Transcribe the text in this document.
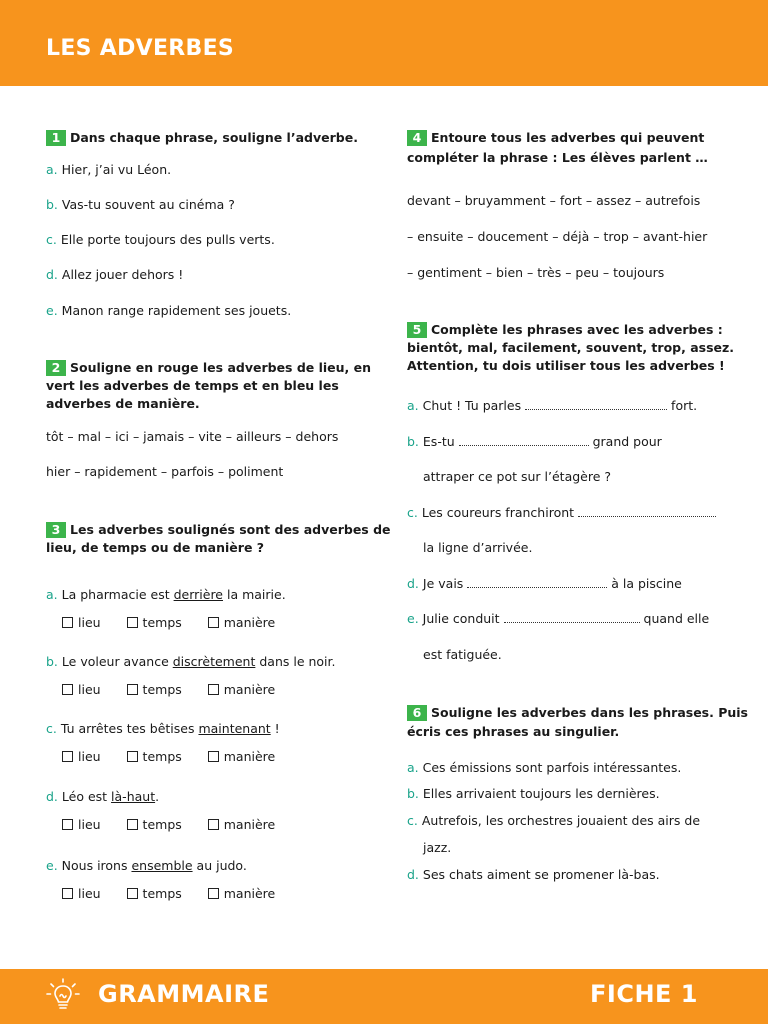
LES ADVERBES
1 Dans chaque phrase, souligne l’adverbe.
a. Hier, j’ai vu Léon.
b. Vas-tu souvent au cinéma ?
c. Elle porte toujours des pulls verts.
d. Allez jouer dehors !
e. Manon range rapidement ses jouets.
2 Souligne en rouge les adverbes de lieu, en
vert les adverbes de temps et en bleu les
adverbes de manière.
tôt – mal – ici – jamais – vite – ailleurs – dehors
hier – rapidement – parfois – poliment
3 Les adverbes soulignés sont des adverbes de
lieu, de temps ou de manière ?
a. La pharmacie est derrière la mairie.
lieu	temps	manière
b. Le voleur avance discrètement dans le noir.
lieu	temps	manière
c. Tu arrêtes tes bêtises maintenant !
lieu	temps	manière
d. Léo est là-haut.
lieu	temps	manière
e. Nous irons ensemble au judo.
lieu	temps	manière
4 Entoure tous les adverbes qui peuvent
compléter la phrase : Les élèves parlent …
devant – bruyamment – fort – assez – autrefois
– ensuite – doucement – déjà – trop – avant-hier
– gentiment – bien – très – peu – toujours
5 Complète les phrases avec les adverbes :
bientôt, mal, facilement, souvent, trop, assez.
Attention, tu dois utiliser tous les adverbes !
a. Chut ! Tu parles	fort.
b. Es-tu	grand pour
attraper ce pot sur l’étagère ?
c. Les coureurs franchiront
la ligne d’arrivée.
d. Je vais	à la piscine
e. Julie conduit	quand elle
est fatiguée.
6 Souligne les adverbes dans les phrases. Puis
écris ces phrases au singulier.
a. Ces émissions sont parfois intéressantes.
b. Elles arrivaient toujours les dernières.
c. Autrefois, les orchestres jouaient des airs de
jazz.
d. Ses chats aiment se promener là-bas.
GRAMMAIRE	FICHE 1
